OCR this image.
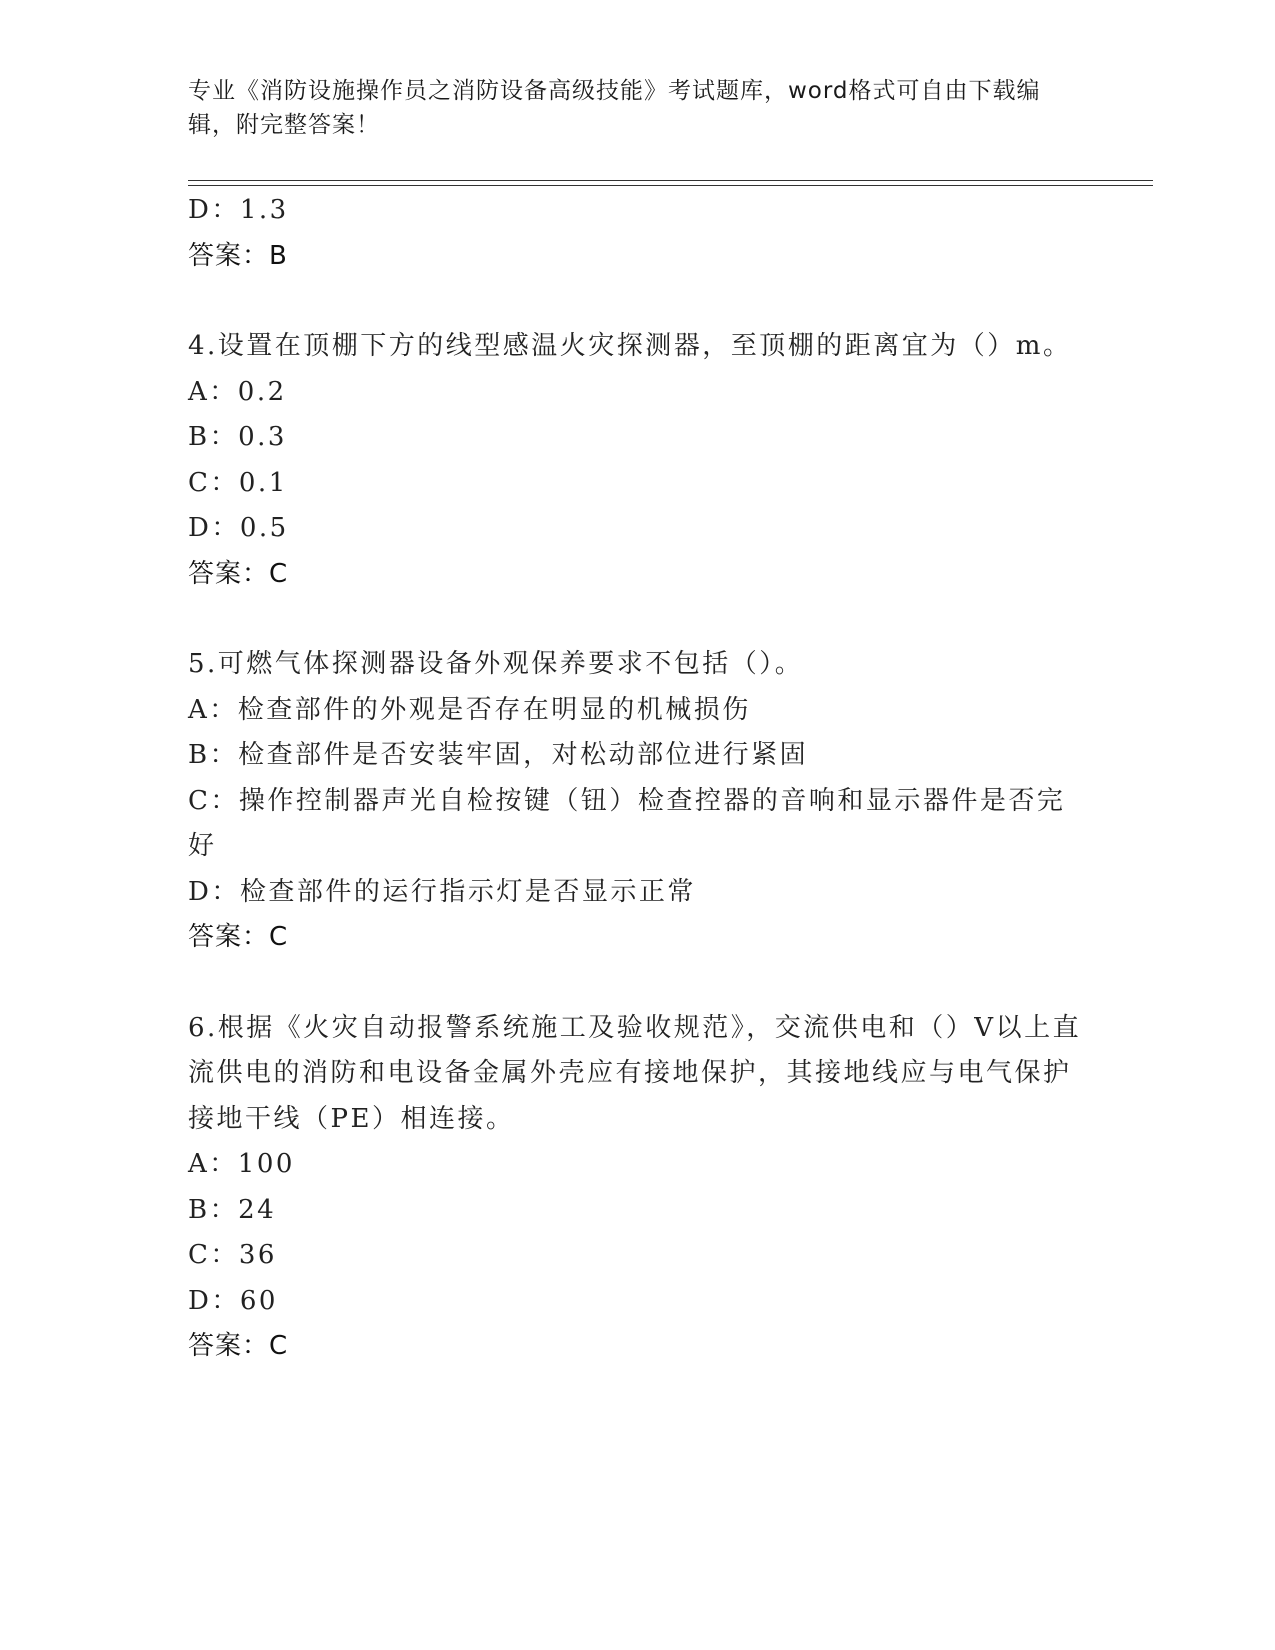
专业《消防设施操作员之消防设备高级技能》考试题库，word格式可自由下载编辑，附完整答案！
D：1.3
答案：B
4.设置在顶棚下方的线型感温火灾探测器，至顶棚的距离宜为（）m。
A：0.2
B：0.3
C：0.1
D：0.5
答案：C
5.可燃气体探测器设备外观保养要求不包括（）。
A：检查部件的外观是否存在明显的机械损伤
B：检查部件是否安装牢固，对松动部位进行紧固
C：操作控制器声光自检按键（钮）检查控器的音响和显示器件是否完好
D：检查部件的运行指示灯是否显示正常
答案：C
6.根据《火灾自动报警系统施工及验收规范》，交流供电和（）V以上直流供电的消防和电设备金属外壳应有接地保护，其接地线应与电气保护接地干线（PE）相连接。
A：100
B：24
C：36
D：60
答案：C
